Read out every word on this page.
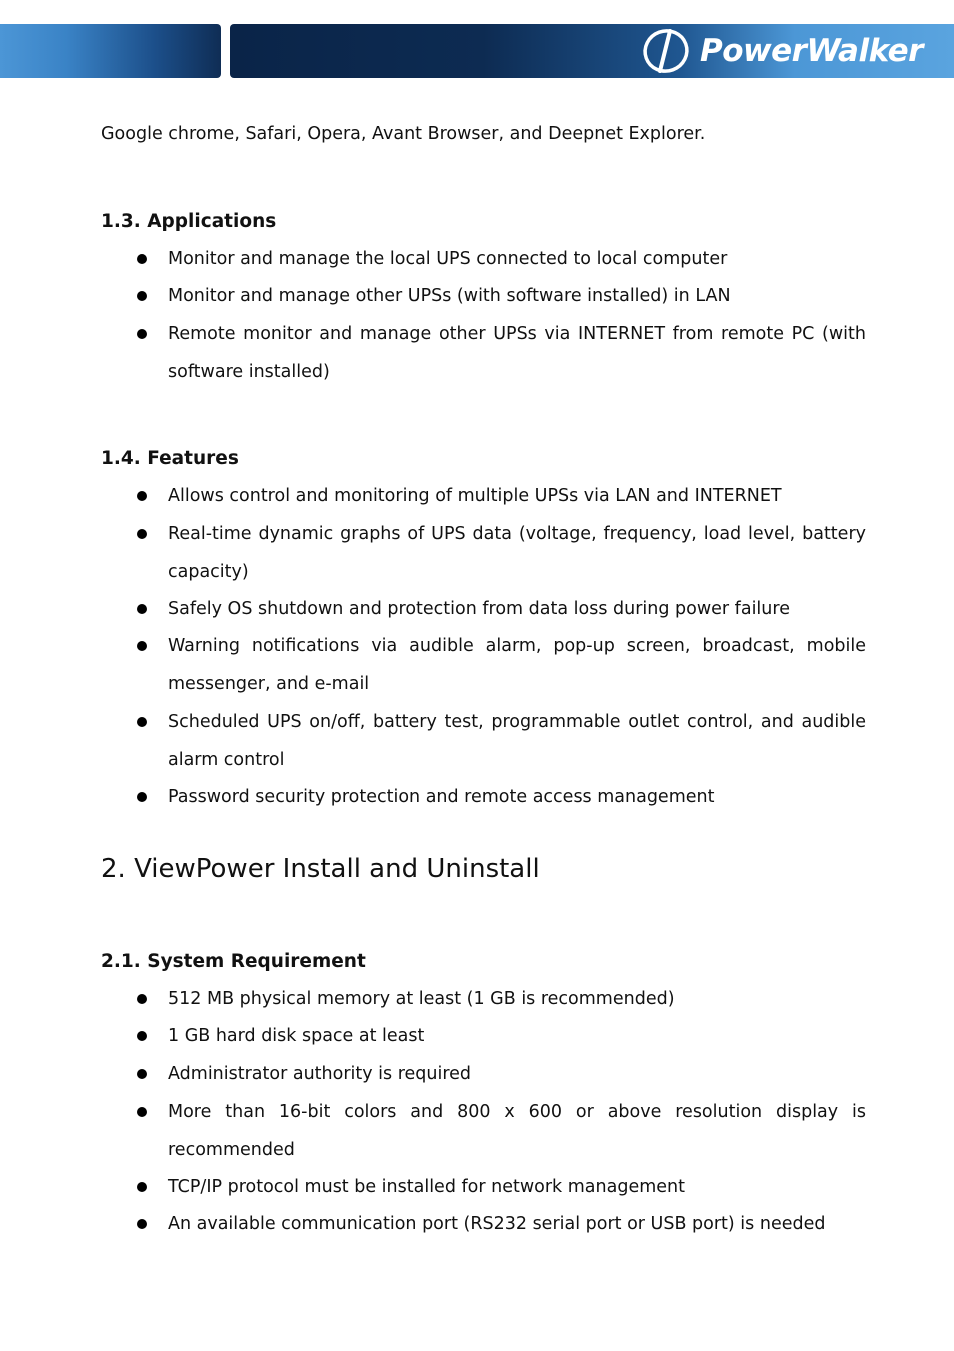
PowerWalker
Google chrome, Safari, Opera, Avant Browser, and Deepnet Explorer.
1.3. Applications
Monitor and manage the local UPS connected to local computer
Monitor and manage other UPSs (with software installed) in LAN
Remote monitor and manage other UPSs via INTERNET from remote PC (with software installed)
1.4. Features
Allows control and monitoring of multiple UPSs via LAN and INTERNET
Real-time dynamic graphs of UPS data (voltage, frequency, load level, battery capacity)
Safely OS shutdown and protection from data loss during power failure
Warning notifications via audible alarm, pop-up screen, broadcast, mobile messenger, and e-mail
Scheduled UPS on/off, battery test, programmable outlet control, and audible alarm control
Password security protection and remote access management
2. ViewPower Install and Uninstall
2.1. System Requirement
512 MB physical memory at least (1 GB is recommended)
1 GB hard disk space at least
Administrator authority is required
More than 16-bit colors and 800 x 600 or above resolution display is recommended
TCP/IP protocol must be installed for network management
An available communication port (RS232 serial port or USB port) is needed
